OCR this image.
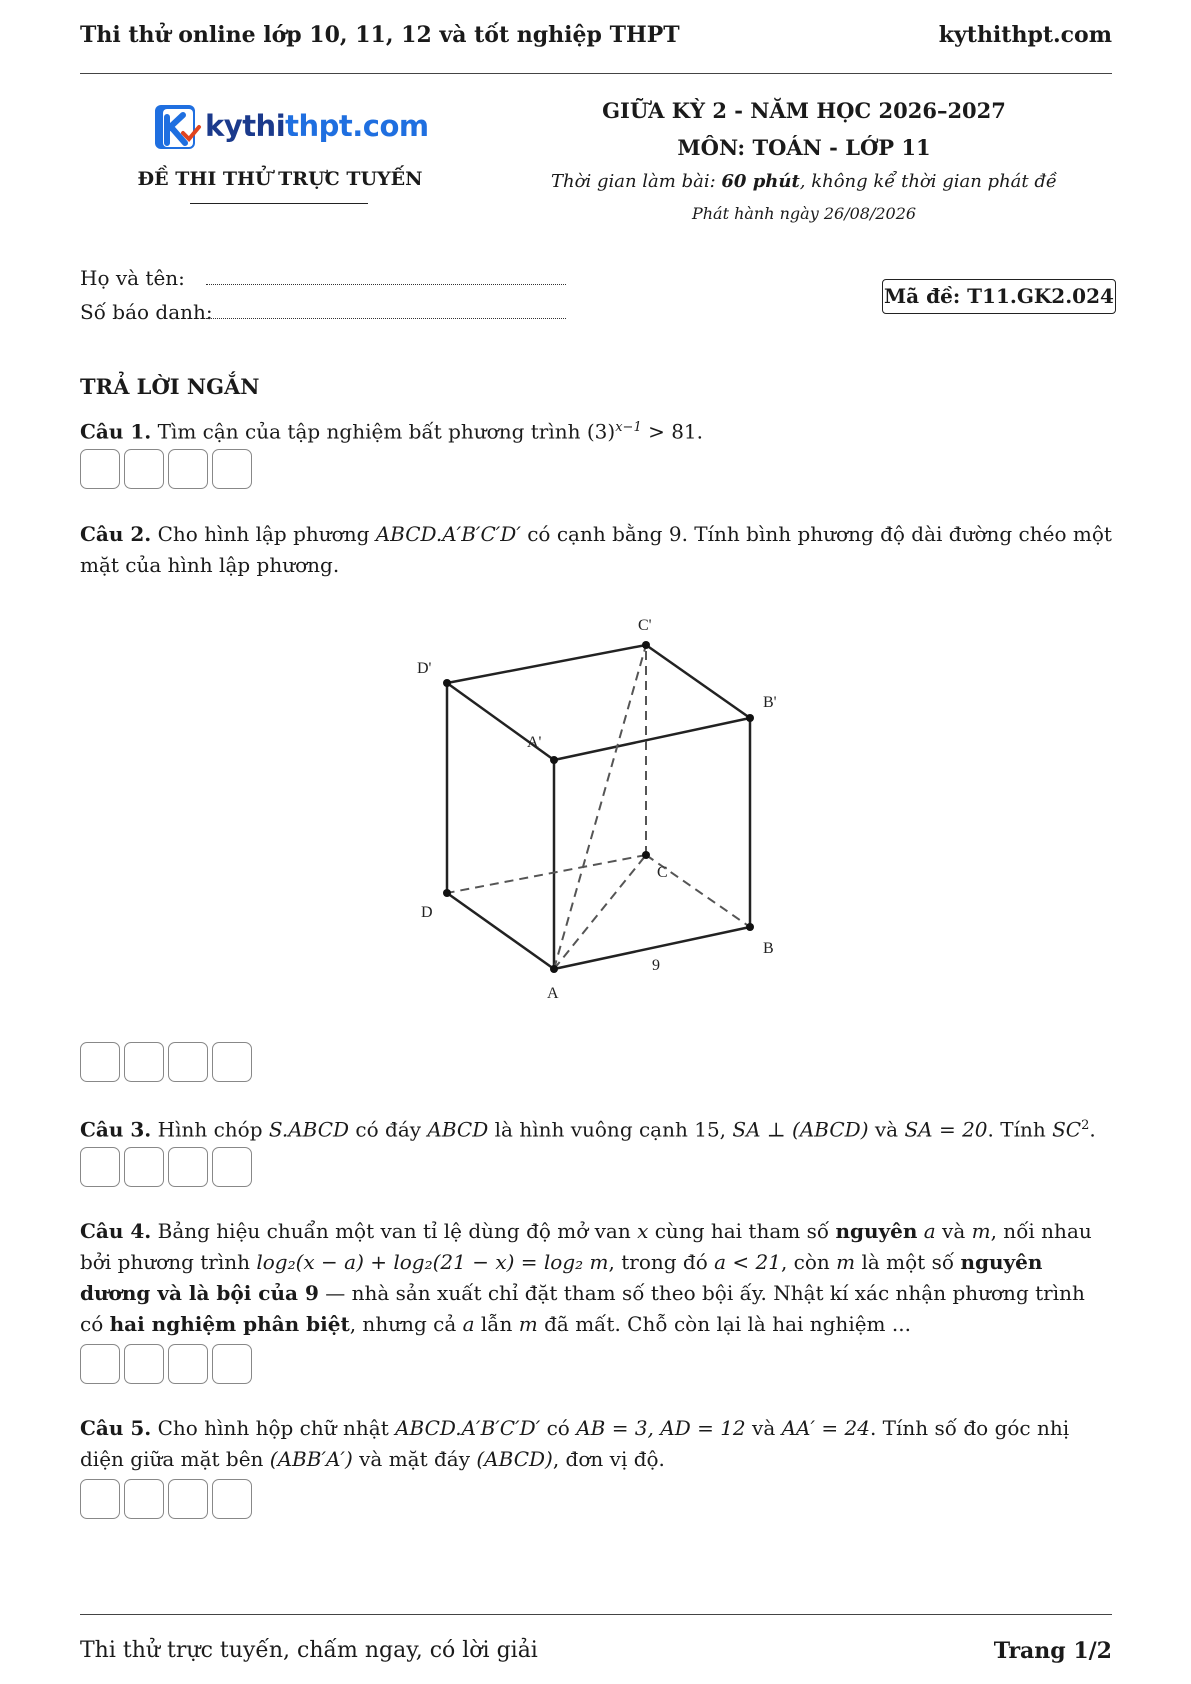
Thi thử online lớp 10, 11, 12 và tốt nghiệp THPT	kythithpt.com
kythithpt.com
ĐỀ THI THỬ TRỰC TUYẾN
GIỮA KỲ 2 - NĂM HỌC 2026–2027
MÔN: TOÁN - LỚP 11
Thời gian làm bài: 60 phút, không kể thời gian phát đề
Phát hành ngày 26/08/2026
Họ và tên:
Số báo danh:
Mã đề: T11.GK2.024
TRẢ LỜI NGẮN
Câu 1. Tìm cận của tập nghiệm bất phương trình $(3)^{x-1} > 81$.
Câu 2. Cho hình lập phương ABCD.A′B′C′D′ có cạnh bằng 9. Tính bình phương độ dài đường chéo một mặt của hình lập phương.
A
B
C
D
A'
B'
C'
D'
9
Câu 3. Hình chóp S.ABCD có đáy ABCD là hình vuông cạnh 15, SA ⊥ (ABCD) và SA = 20. Tính $SC^2$.
Câu 4. Bảng hiệu chuẩn một van tỉ lệ dùng độ mở van x cùng hai tham số nguyên a và m, nối nhau bởi phương trình log₂(x − a) + log₂(21 − x) = log₂ m, trong đó a < 21, còn m là một số nguyên dương và là bội của 9 — nhà sản xuất chỉ đặt tham số theo bội ấy. Nhật kí xác nhận phương trình có hai nghiệm phân biệt, nhưng cả a lẫn m đã mất. Chỗ còn lại là hai nghiệm ...
Câu 5. Cho hình hộp chữ nhật ABCD.A′B′C′D′ có AB = 3, AD = 12 và AA′ = 24. Tính số đo góc nhị diện giữa mặt bên (ABB′A′) và mặt đáy (ABCD), đơn vị độ.
Thi thử trực tuyến, chấm ngay, có lời giải	Trang 1/2
